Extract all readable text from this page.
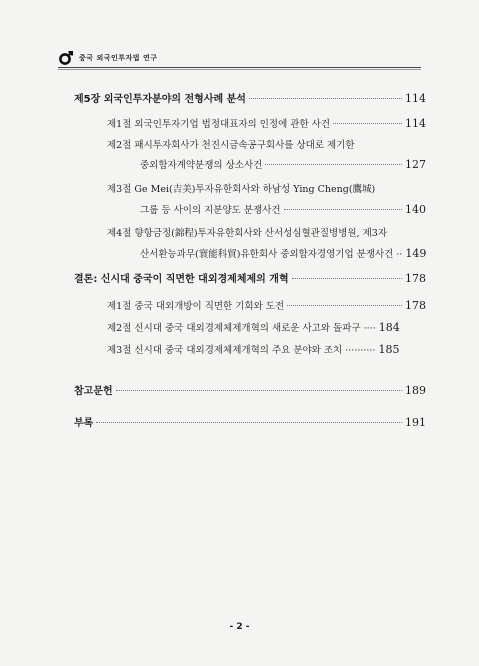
중국 외국인투자법 연구
제5장 외국인투자분야의 전형사례 분석	114
제1절 외국인투자기업 법정대표자의 인정에 관한 사건	114
제2절 패시투자회사가 천진시금속공구회사를 상대로 제기한
중외합자계약분쟁의 상소사건	127
제3절 Ge Mei(吉美)투자유한회사와 하남성 Ying Cheng(鷹城)
그룹 등 사이의 지분양도 분쟁사건	140
제4절 향항금정(錦程)투자유한회사와 산서성심혈관질병병원, 제3자
산서환능과무(寰能科貿)유한회사 중외합자경영기업 분쟁사건 ·· 149
결론: 신시대 중국이 직면한 대외경제체제의 개혁	178
제1절 중국 대외개방이 직면한 기회와 도전	178
제2절 신시대 중국 대외경제체제개혁의 새로운 사고와 돌파구 ···· 184
제3절 신시대 중국 대외경제체제개혁의 주요 분야와 조치 ·········· 185
참고문헌	189
부록	191
- 2 -
